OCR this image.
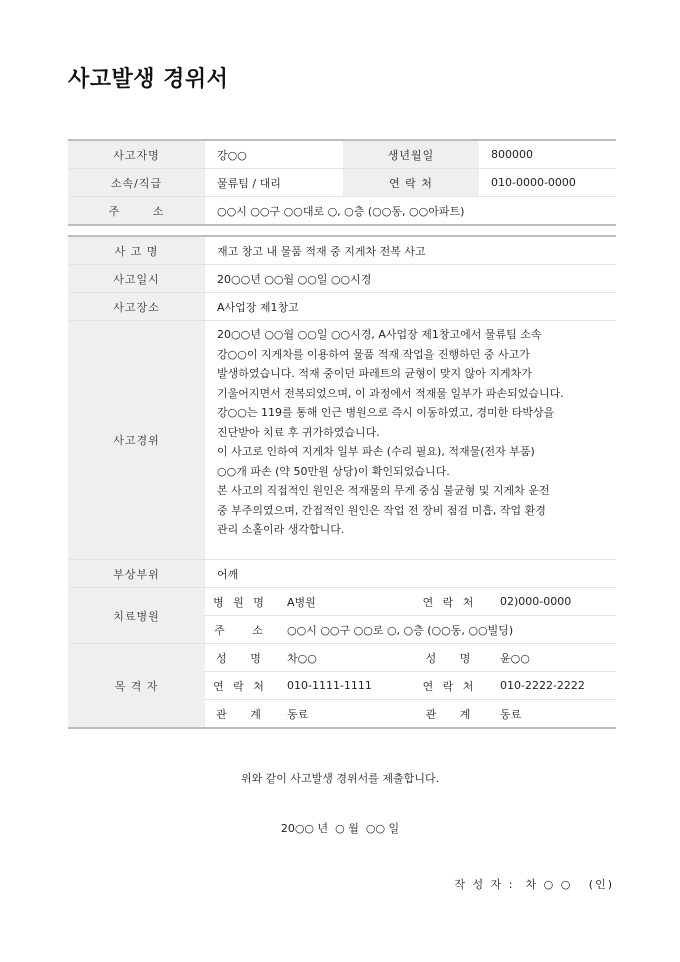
사고발생 경위서
사고자명	강○○	생년월일	800000
소속/직급	물류팀 / 대리	연 락 처	010-0000-0000
주 소	○○시 ○○구 ○○대로 ○, ○층 (○○동, ○○아파트)
사 고 명	재고 창고 내 물품 적재 중 지게차 전복 사고
사고일시	20○○년 ○○월 ○○일 ○○시경
사고장소	A사업장 제1창고
사고경위
20○○년 ○○월 ○○일 ○○시경, A사업장 제1창고에서 물류팀 소속
강○○이 지게차를 이용하여 물품 적재 작업을 진행하던 중 사고가
발생하였습니다. 적재 중이던 파레트의 균형이 맞지 않아 지게차가
기울어지면서 전복되었으며, 이 과정에서 적재물 일부가 파손되었습니다.
강○○는 119를 통해 인근 병원으로 즉시 이동하였고, 경미한 타박상을
진단받아 치료 후 귀가하였습니다.
이 사고로 인하여 지게차 일부 파손 (수리 필요), 적재물(전자 부품)
○○개 파손 (약 50만원 상당)이 확인되었습니다.
본 사고의 직접적인 원인은 적재물의 무게 중심 불균형 및 지게차 운전
중 부주의였으며, 간접적인 원인은 작업 전 장비 점검 미흡, 작업 환경
관리 소홀이라 생각합니다.
부상부위	어깨
치료병원
병 원 명	A병원	연 락 처	02)000-0000
주 소	○○시 ○○구 ○○로 ○, ○층 (○○동, ○○빌딩)
목 격 자
성 명	차○○	성 명	윤○○
연 락 처	010-1111-1111	연 락 처	010-2222-2222
관 계	동료	관 계	동료
위와 같이 사고발생 경위서를 제출합니다.
20○○ 년  ○ 월  ○○ 일
작 성 자 :  차 ○ ○   (인)
